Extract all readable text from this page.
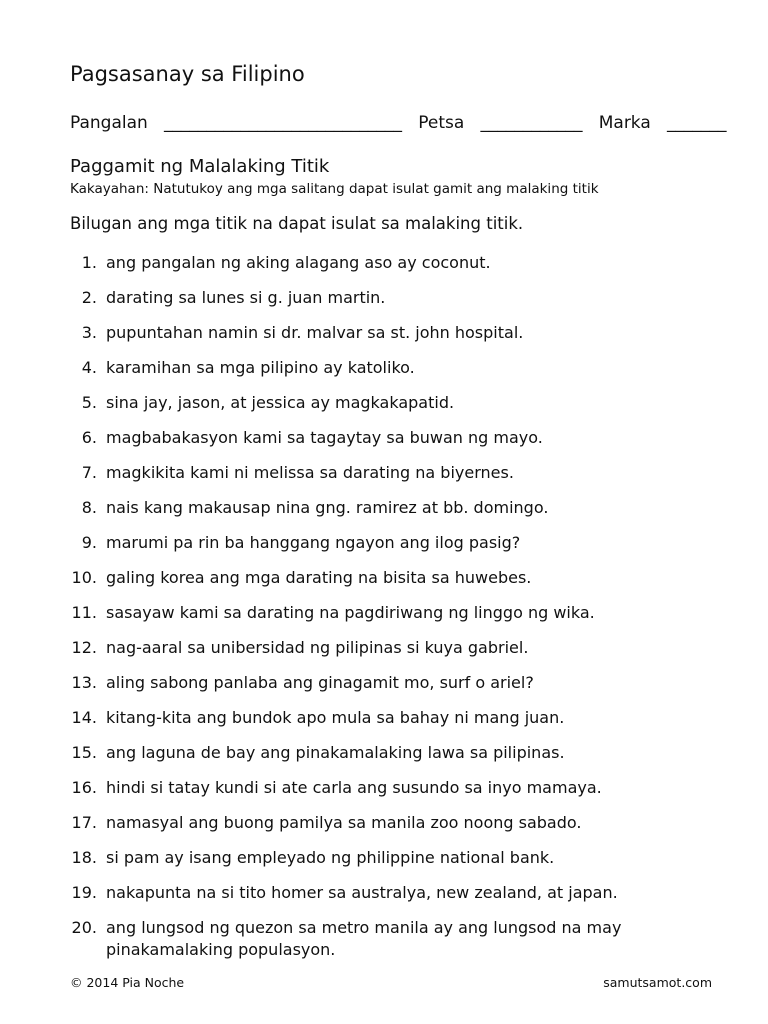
Pagsasanay sa Filipino
Pangalan ____________________________ Petsa ____________ Marka _______
Paggamit ng Malalaking Titik
Kakayahan: Natutukoy ang mga salitang dapat isulat gamit ang malaking titik
Bilugan ang mga titik na dapat isulat sa malaking titik.
1. ang pangalan ng aking alagang aso ay coconut.
2. darating sa lunes si g. juan martin.
3. pupuntahan namin si dr. malvar sa st. john hospital.
4. karamihan sa mga pilipino ay katoliko.
5. sina jay, jason, at jessica ay magkakapatid.
6. magbabakasyon kami sa tagaytay sa buwan ng mayo.
7. magkikita kami ni melissa sa darating na biyernes.
8. nais kang makausap nina gng. ramirez at bb. domingo.
9. marumi pa rin ba hanggang ngayon ang ilog pasig?
10. galing korea ang mga darating na bisita sa huwebes.
11. sasayaw kami sa darating na pagdiriwang ng linggo ng wika.
12. nag-aaral sa unibersidad ng pilipinas si kuya gabriel.
13. aling sabong panlaba ang ginagamit mo, surf o ariel?
14. kitang-kita ang bundok apo mula sa bahay ni mang juan.
15. ang laguna de bay ang pinakamalaking lawa sa pilipinas.
16. hindi si tatay kundi si ate carla ang susundo sa inyo mamaya.
17. namasyal ang buong pamilya sa manila zoo noong sabado.
18. si pam ay isang empleyado ng philippine national bank.
19. nakapunta na si tito homer sa australya, new zealand, at japan.
20. ang lungsod ng quezon sa metro manila ay ang lungsod na may pinakamalaking populasyon.
© 2014 Pia Noche	samutsamot.com
